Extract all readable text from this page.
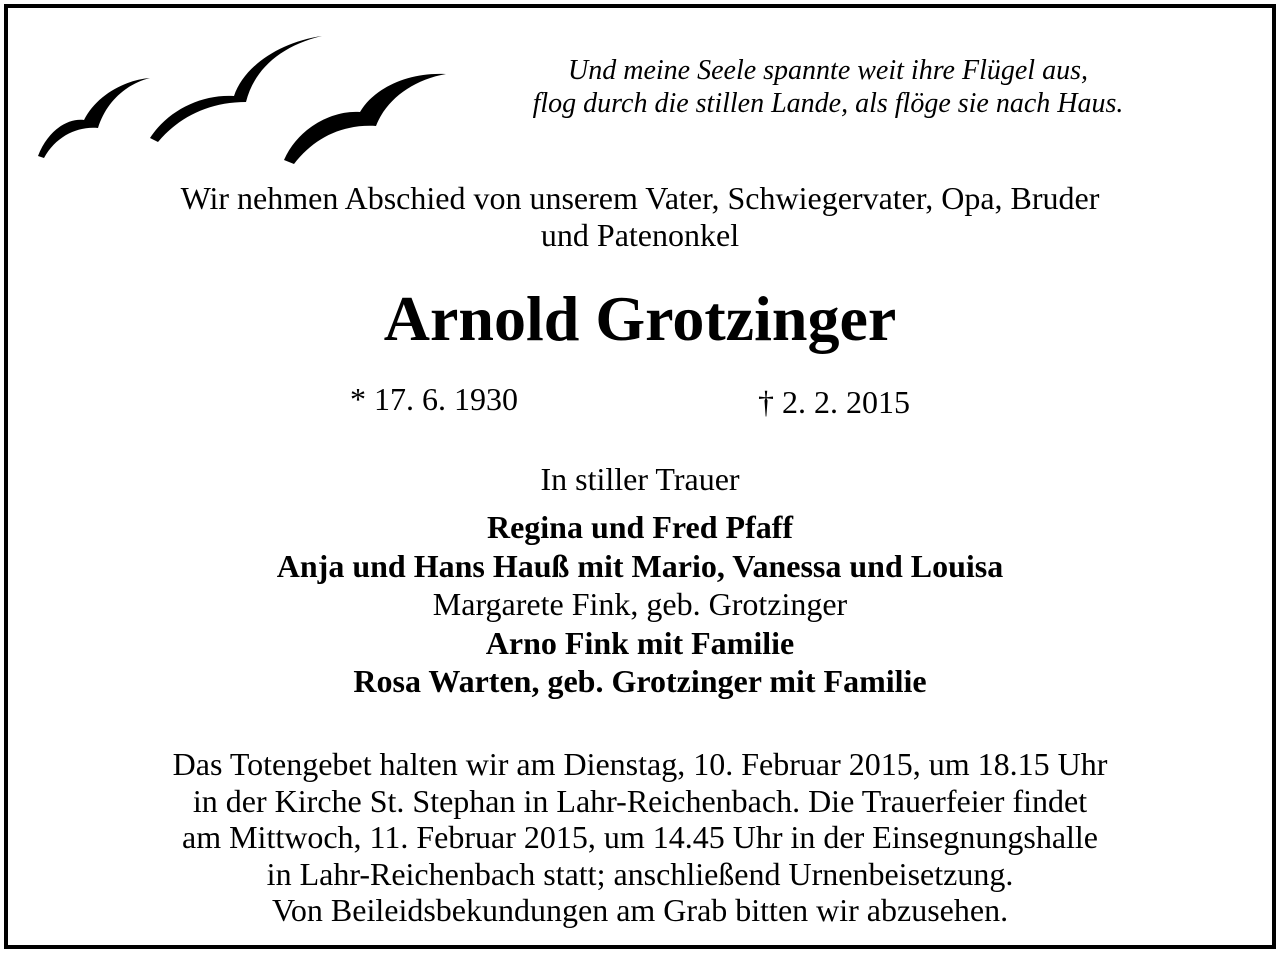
Und meine Seele spannte weit ihre Flügel aus,
flog durch die stillen Lande, als flöge sie nach Haus.
Wir nehmen Abschied von unserem Vater, Schwiegervater, Opa, Bruder
und Patenonkel
Arnold Grotzinger
* 17. 6. 1930	† 2. 2. 2015
In stiller Trauer
Regina und Fred Pfaff
Anja und Hans Hauß mit Mario, Vanessa und Louisa
Margarete Fink, geb. Grotzinger
Arno Fink mit Familie
Rosa Warten, geb. Grotzinger mit Familie
Das Totengebet halten wir am Dienstag, 10. Februar 2015, um 18.15 Uhr
in der Kirche St. Stephan in Lahr-Reichenbach. Die Trauerfeier findet
am Mittwoch, 11. Februar 2015, um 14.45 Uhr in der Einsegnungshalle
in Lahr-Reichenbach statt; anschließend Urnenbeisetzung.
Von Beileidsbekundungen am Grab bitten wir abzusehen.
